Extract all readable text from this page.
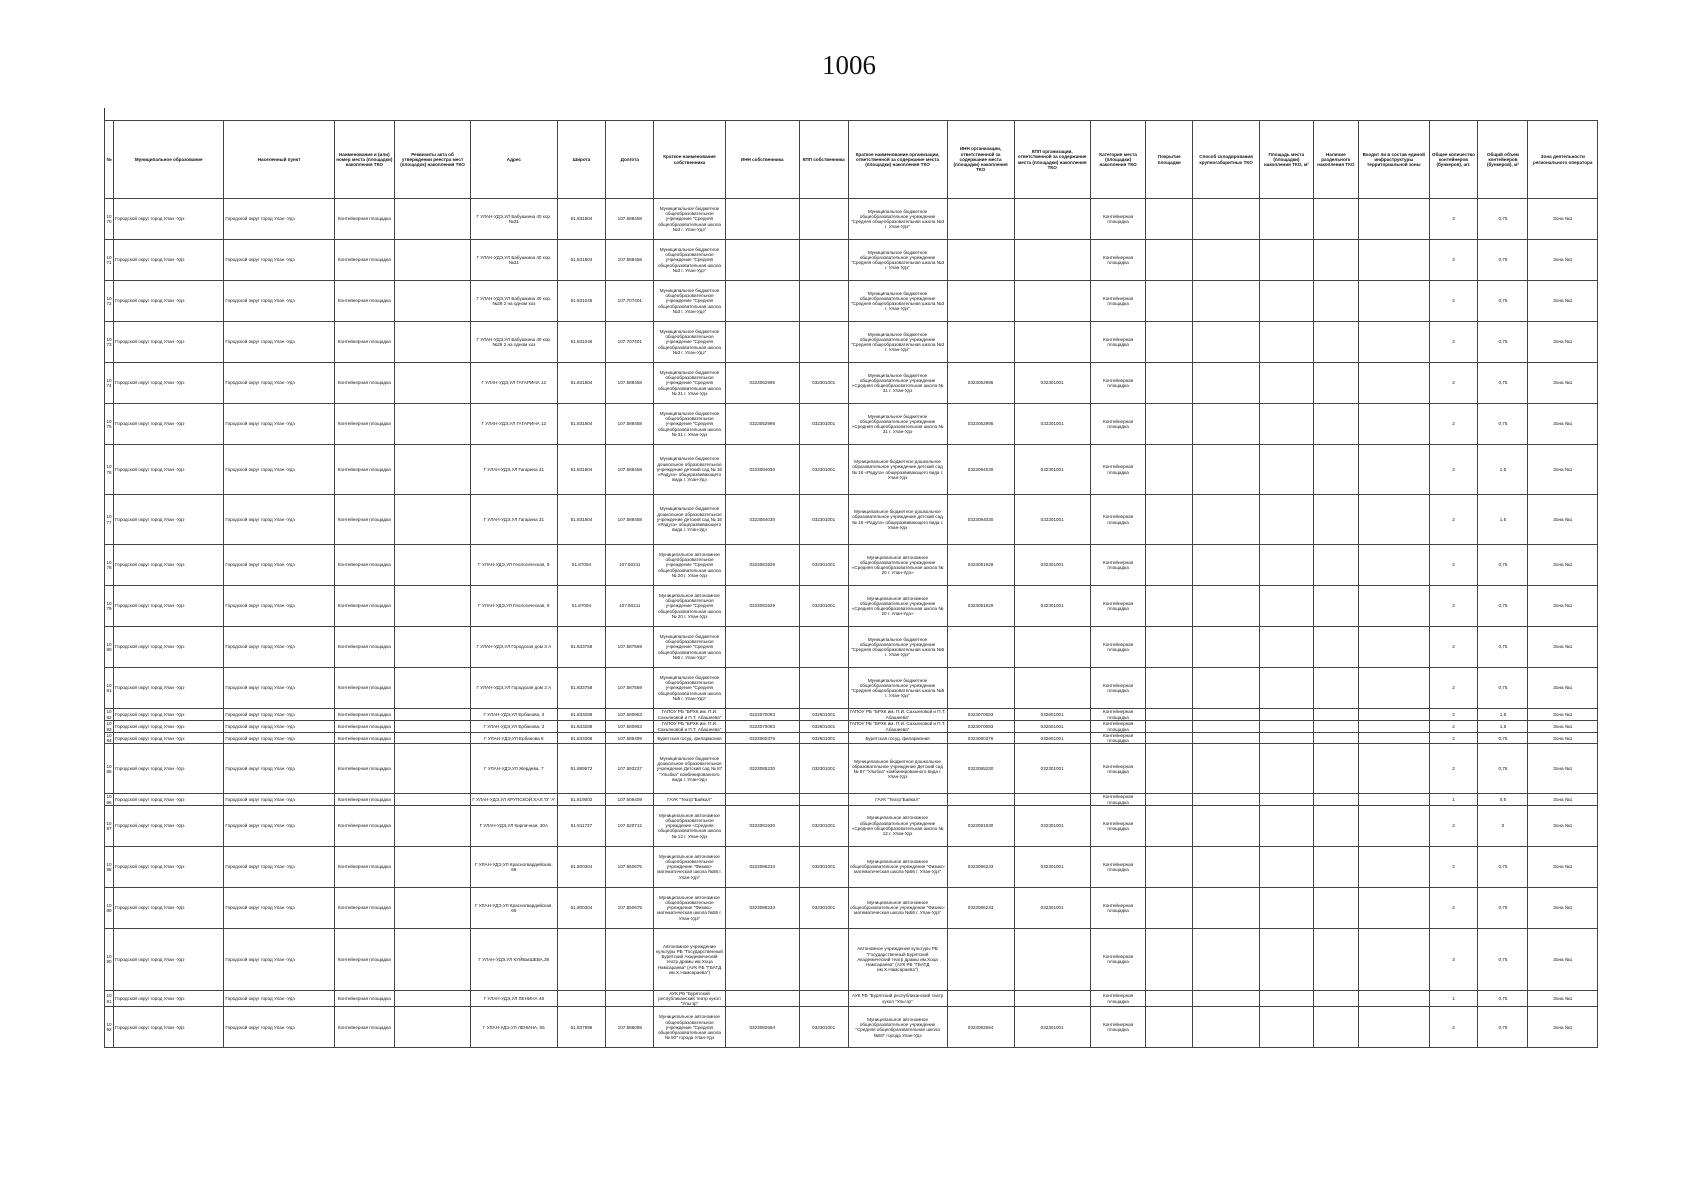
1006
№	Муниципальное образование	Населенный пункт	Наименование и (или) номер места (площадки) накопления ТКО	Реквизиты акта об утверждении реестра мест (площадок) накопления ТКО	Адрес	Широта	Долгота	Краткое наименование собственника	ИНН собственника	КПП собственника	Краткое наименование организации, ответственной за содержание места (площадки) накопления ТКО	ИНН организации, ответственной за содержание места (площадки) накопления ТКО	КПП организации, ответственной за содержание места (площадки) накопления ТКО	Категория места (площадки) накопления ТКО	Покрытие площадки	Способ складирования крупногабаритных ТКО	Площадь места (площадки) накопления ТКО, м²	Наличие раздельного накопления ТКО	Входит ли в состав единой инфраструктуры территориальной зоны	Общее количество контейнеров (бункеров), шт.	Общий объем контейнеров (бункеров), м³	Зона деятельности регионального оператора
1070	Городской округ город Улан -Удэ	Городской округ город Улан -Удэ	Контейнерная площадка		Г УЛАН-УДЭ,УЛ Бабушкина 40 кор. №31	51.831804	107.588458	Муниципальное бюджетное общеобразовательное учреждение "Средняя общеобразовательная школа №3 г. Улан-Удэ"			Муниципальное бюджетное общеобразовательное учреждение "Средняя общеобразовательная школа №3 г. Улан-Удэ"			Контейнерная площадка						3	0,75	Зона №1
1071	Городской округ город Улан -Удэ	Городской округ город Улан -Удэ	Контейнерная площадка		Г УЛАН-УДЭ,УЛ Бабушкина 40 кор. №31	51.831804	107.588458	Муниципальное бюджетное общеобразовательное учреждение "Средняя общеобразовательная школа №3 г. Улан-Удэ"			Муниципальное бюджетное общеобразовательное учреждение "Средняя общеобразовательная школа №3 г. Улан-Удэ"			Контейнерная площадка						3	0,75	Зона №1
1072	Городской округ город Улан -Удэ	Городской округ город Улан -Удэ	Контейнерная площадка		Г УЛАН-УДЭ,УЛ Бабушкина 40 кор. №29 2 на одном хоз	51.831046	107.707401	Муниципальное бюджетное общеобразовательное учреждение "Средняя общеобразовательная школа №3 г. Улан-Удэ"			Муниципальное бюджетное общеобразовательное учреждение "Средняя общеобразовательная школа №3 г. Улан-Удэ"			Контейнерная площадка						2	0,75	Зона №1
1073	Городской округ город Улан -Удэ	Городской округ город Улан -Удэ	Контейнерная площадка		Г УЛАН-УДЭ,УЛ Бабушкина 40 кор. №29 2 на одном хоз	51.831046	107.707401	Муниципальное бюджетное общеобразовательное учреждение "Средняя общеобразовательная школа №3 г. Улан-Удэ"			Муниципальное бюджетное общеобразовательное учреждение "Средняя общеобразовательная школа №3 г. Улан-Удэ"			Контейнерная площадка						2	0,75	Зона №1
1074	Городской округ город Улан -Удэ	Городской округ город Улан -Удэ	Контейнерная площадка		Г УЛАН-УДЭ,УЛ ГАГАРИНА 12	51.831804	107.588458	Муниципальное бюджетное общеобразовательное учреждение "Средняя общеобразовательная школа № 31 г. Улан-Удэ	0323052995	032301001	Муниципальное бюджетное общеобразовательное учреждение «Средняя общеобразовательная школа № 31 г. Улан-Удэ	0323052995	032301001	Контейнерная площадка						2	0,75	Зона №1
1075	Городской округ город Улан -Удэ	Городской округ город Улан -Удэ	Контейнерная площадка		Г УЛАН-УДЭ,УЛ ГАГАРИНА 12	51.831804	107.588458	Муниципальное бюджетное общеобразовательное учреждение "Средняя общеобразовательная школа № 31 г. Улан-Удэ	0323052995	032301001	Муниципальное бюджетное общеобразовательное учреждение «Средняя общеобразовательная школа № 31 г. Улан-Удэ	0323052995	032301001	Контейнерная площадка						2	0,75	Зона №1
1076	Городской округ город Улан -Удэ	Городской округ город Улан -Удэ	Контейнерная площадка		Г УЛАН-УДЭ,УЛ Гагарина 31	51.831804	107.588458	Муниципальное бюджетное дошкольное образовательное учреждение детский сад № 16 «Радуга» общеразвивающего вида г. Улан-Удэ	0323084030	032301001	Муниципальное бюджетное дошкольное образовательное учреждение детский сад № 16 «Радуга» общеразвивающего вида г. Улан-Удэ	0323084030	032301001	Контейнерная площадка						2	1,5	Зона №1
1077	Городской округ город Улан -Удэ	Городской округ город Улан -Удэ	Контейнерная площадка		Г УЛАН-УДЭ,УЛ Гагарина 31	51.831804	107.588458	Муниципальное бюджетное дошкольное образовательное учреждение детский сад № 16 «Радуга» общеразвивающего вида г. Улан-Удэ	0323084030	032301001	Муниципальное бюджетное дошкольное образовательное учреждение детский сад № 16 «Радуга» общеразвивающего вида г. Улан-Удэ	0323084030	032301001	Контейнерная площадка						2	1,5	Зона №1
1078	Городской округ город Улан -Удэ	Городской округ город Улан -Удэ	Контейнерная площадка		Г УЛАН-УДЭ,УЛ Геологическая, 9	51.87094	107.60211	Муниципальное автономное общеобразовательное учреждение "Средняя общеобразовательная школа № 20 г. Улан-Удэ	0323081929	032301001	Муниципальное автономное общеобразовательное учреждение «Средняя общеобразовательная школа № 20 г. Улан-Удэ»	0323081929	032301001	Контейнерная площадка						2	0,75	Зона №1
1079	Городской округ город Улан -Удэ	Городской округ город Улан -Удэ	Контейнерная площадка		Г УЛАН-УДЭ,УЛ Геологическая, 9	51.87094	107.60211	Муниципальное автономное общеобразовательное учреждение "Средняя общеобразовательная школа № 20 г. Улан-Удэ	0323081929	032301001	Муниципальное автономное общеобразовательное учреждение «Средняя общеобразовательная школа № 20 г. Улан-Удэ»	0323081929	032301001	Контейнерная площадка						2	0,75	Зона №1
1080	Городской округ город Улан -Удэ	Городской округ город Улан -Удэ	Контейнерная площадка		Г УЛАН-УДЭ,УЛ Городская дом 3 А	51.833758	107.587569	Муниципальное бюджетное общеобразовательное учреждение "Средняя общеобразовательная школа №5 г. Улан-Удэ"			Муниципальное бюджетное общеобразовательное учреждение "Средняя общеобразовательная школа №5 г. Улан-Удэ"			Контейнерная площадка						2	0,75	Зона №1
1081	Городской округ город Улан -Удэ	Городской округ город Улан -Удэ	Контейнерная площадка		Г УЛАН-УДЭ,УЛ Городская дом 3 А	51.833758	107.587569	Муниципальное бюджетное общеобразовательное учреждение "Средняя общеобразовательная школа №5 г. Улан-Удэ"			Муниципальное бюджетное общеобразовательное учреждение "Средняя общеобразовательная школа №5 г. Улан-Удэ"			Контейнерная площадка						2	0,75	Зона №1
1082	Городской округ город Улан -Удэ	Городской округ город Улан -Удэ	Контейнерная площадка		Г УЛАН-УДЭ,УЛ Ербанова, 3	51.833288	107.580953	ГАПОУ РБ "БРХК им. П.И. Сахьяновой и П.Т. Абашеева"	0323070083	032601001	ГАПОУ РБ "БРХК им. П.И. Сахьяновой и П.Т. Абашеева"	0323070083	032601001	Контейнерная площадка						2	1,5	Зона №1
1083	Городской округ город Улан -Удэ	Городской округ город Улан -Удэ	Контейнерная площадка		Г УЛАН-УДЭ,УЛ Ербанова, 3	51.833288	107.580953	ГАПОУ РБ "БРХК им. П.И. Сахьяновой и П.Т. Абашеева"	0323070083	032601001	ГАПОУ РБ "БРХК им. П.И. Сахьяновой и П.Т. Абашеева"	0323070083	032601001	Контейнерная площадка						2	1,5	Зона №1
1084	Городской округ город Улан -Удэ	Городской округ город Улан -Удэ	Контейнерная площадка		Г УЛАН-УДЭ,УЛ Ербанова 6	51.833306	107.585499	Бурятская госуд. филармония	0323060376	032601001	Бурятская госуд. филармония	0323060376	032601001	Контейнерная площадка						2	0,75	Зона №1
1085	Городской округ город Улан -Удэ	Городской округ город Улан -Удэ	Контейнерная площадка		Г УЛАН-УДЭ,УЛ Жердева, 7	51.889572	107.593237	Муниципальное бюджетное дошкольное образовательное учреждение Детский сад № 87 "Улыбка" комбинированного вида г. Улан-Удэ	0323085230	032301001	Муниципальное бюджетное дошкольное образовательное учреждение Детский сад № 87 "Улыбка" комбинированного вида г. Улан-Удэ	0323085230	032301001	Контейнерная площадка						2	0,75	Зона №1
1086	Городской округ город Улан -Удэ	Городской округ город Улан -Удэ	Контейнерная площадка		Г УЛАН-УДЭ,УЛ КРУПСКОЙ,ХАЛ.'О' 'А'	51.819002	107.609409	ГАУК "Театр"Байкал"			ГАУК "Театр"Байкал"			Контейнерная площадка						1	0,5	Зона №1
1087	Городской округ город Улан -Удэ	Городской округ город Улан -Удэ	Контейнерная площадка		Г УЛАН-УДЭ,УЛ Кирпичная, 30А	51.811737	107.620712	Муниципальное автономное общеобразовательное учреждение «Средняя общеобразовательная школа № 12 г. Улан-Удэ	0323081930	032301001	Муниципальное автономное общеобразовательное учреждение «Средняя общеобразовательная школа № 12 г. Улан-Удэ	0323081930	032301001	Контейнерная площадка						2	0	Зона №1
1088	Городской округ город Улан -Удэ	Городской округ город Улан -Удэ	Контейнерная площадка		Г УЛАН-УДЭ,УЛ Красногвардейская, 66	51.800304	107.550675	Муниципальное автономное общеобразовательное учреждение "Физико-математическая школа №56 г. Улан-Удэ"	0323086233	032301001	Муниципальное автономное общеобразовательное учреждение "Физико-математическая школа №56 г. Улан-Удэ"	0323086233	032301001	Контейнерная площадка						2	0,75	Зона №1
1089	Городской округ город Улан -Удэ	Городской округ город Улан -Удэ	Контейнерная площадка		Г УЛАН-УДЭ,УЛ Красногвардейская, 66	51.800304	107.550675	Муниципальное автономное общеобразовательное учреждение "Физико-математическая школа №56 г. Улан-Удэ"	0323086233	032301001	Муниципальное автономное общеобразовательное учреждение "Физико-математическая школа №56 г. Улан-Удэ"	0323086233	032301001	Контейнерная площадка						2	0,75	Зона №1
1090	Городской округ город Улан -Удэ	Городской округ город Улан -Удэ	Контейнерная площадка		Г УЛАН-УДЭ,УЛ КУЙБЫШЕВА,38			Автономное учреждение культуры РБ "Государственный Бурятский Академический театр драмы им.Хоца Намсараева" (АУК РБ "ГБАТД им.Х.Намсараева")			Автономное учреждение культуры РБ "Государственный Бурятский Академический театр драмы им.Хоца Намсараева" (АУК РБ "ГБАТД им.Х.Намсараева")			Контейнерная площадка						3	0,75	Зона №1
1091	Городской округ город Улан -Удэ	Городской округ город Улан -Удэ	Контейнерная площадка		Г УЛАН-УДЭ,УЛ ЛЕНИНА 46			АУК РБ "Бурятский республиканский театр кукол "Ульгэр"			АУК РБ "Бурятский республиканский театр кукол "Ульгэр"			Контейнерная площадка						1	0,75	Зона №1
1092	Городской округ город Улан -Удэ	Городской округ город Улан -Удэ	Контейнерная площадка		Г УЛАН-УДЭ,УЛ ЛЕНИНА, 55	51.837996	107.586098	Муниципальное автономное общеобразовательное учреждение "Средняя общеобразовательная школа № 50" города Улан-Удэ	0323082694	032301001	Муниципальное автономное общеобразовательное учреждение "Средняя общеобразовательная школа №50" города Улан-Удэ	0323082694	032301001	Контейнерная площадка						2	0,75	Зона №1
